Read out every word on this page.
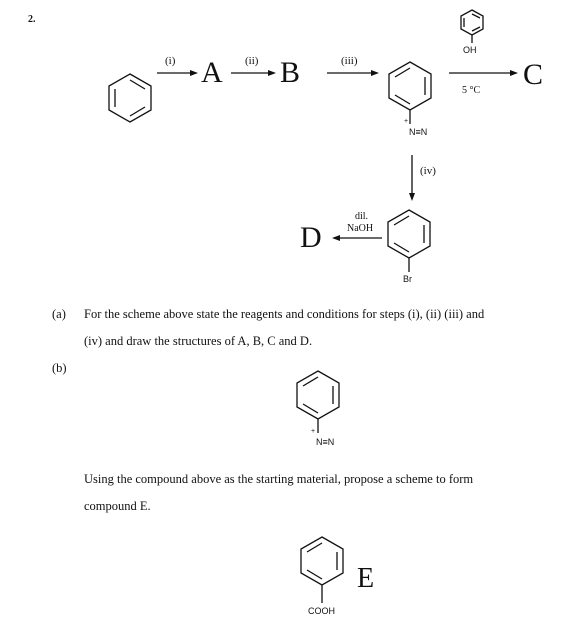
2.
(i) A (ii) B	(iii)
OH
5 °C C
+
N≡N
(iv)
dil.
NaOH
D
Br
(a) For the scheme above state the reagents and conditions for steps (i), (ii) (iii) and
(iv) and draw the structures of A, B, C and D.
(b)
+
N≡N
Using the compound above as the starting material, propose a scheme to form
compound E.
E
COOH
